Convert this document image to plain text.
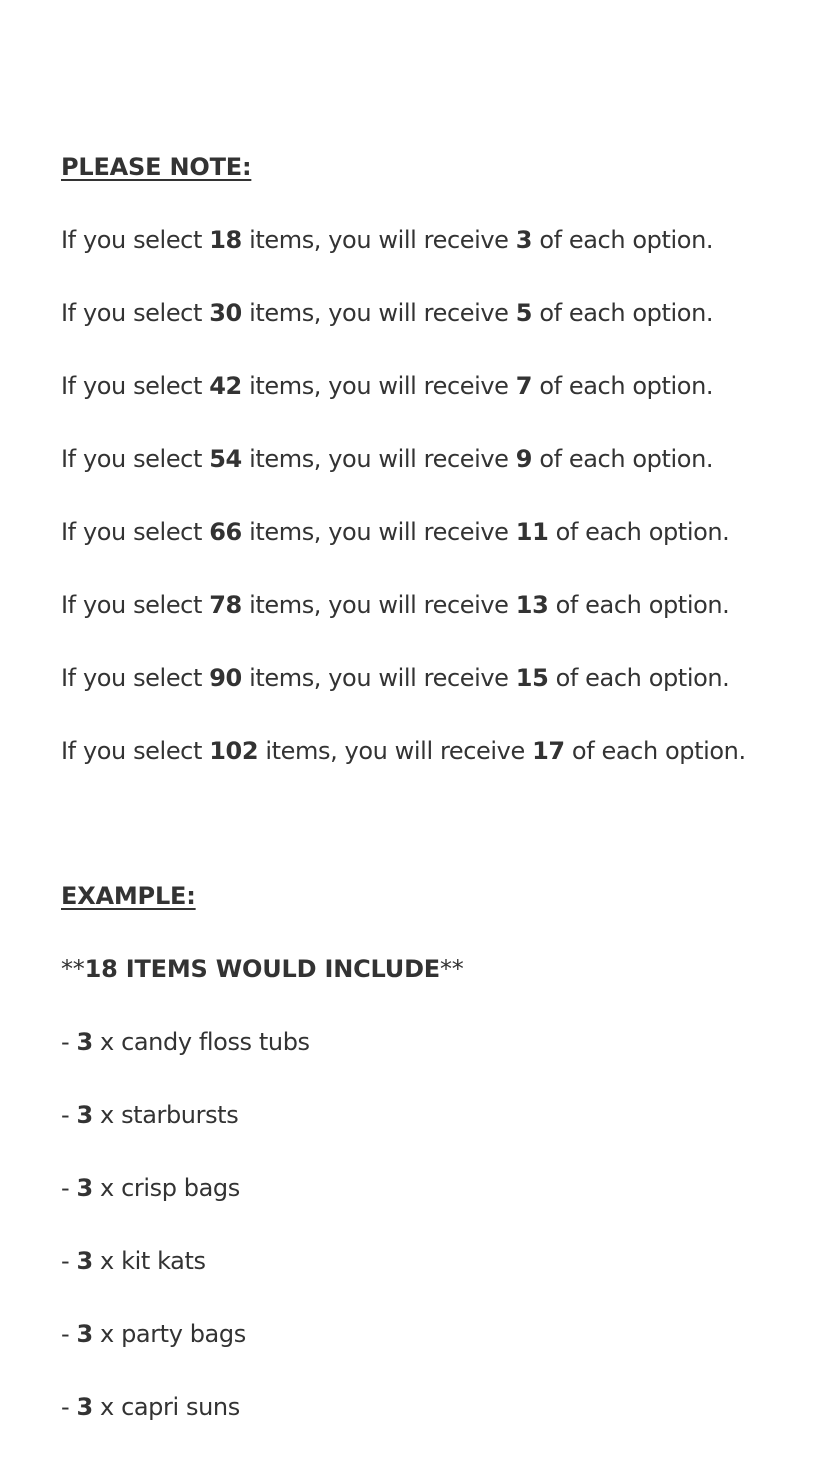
PLEASE NOTE:
If you select 18 items, you will receive 3 of each option.
If you select 30 items, you will receive 5 of each option.
If you select 42 items, you will receive 7 of each option.
If you select 54 items, you will receive 9 of each option.
If you select 66 items, you will receive 11 of each option.
If you select 78 items, you will receive 13 of each option.
If you select 90 items, you will receive 15 of each option.
If you select 102 items, you will receive 17 of each option.
EXAMPLE:
**18 ITEMS WOULD INCLUDE**
- 3 x candy floss tubs
- 3 x starbursts
- 3 x crisp bags
- 3 x kit kats
- 3 x party bags
- 3 x capri suns
